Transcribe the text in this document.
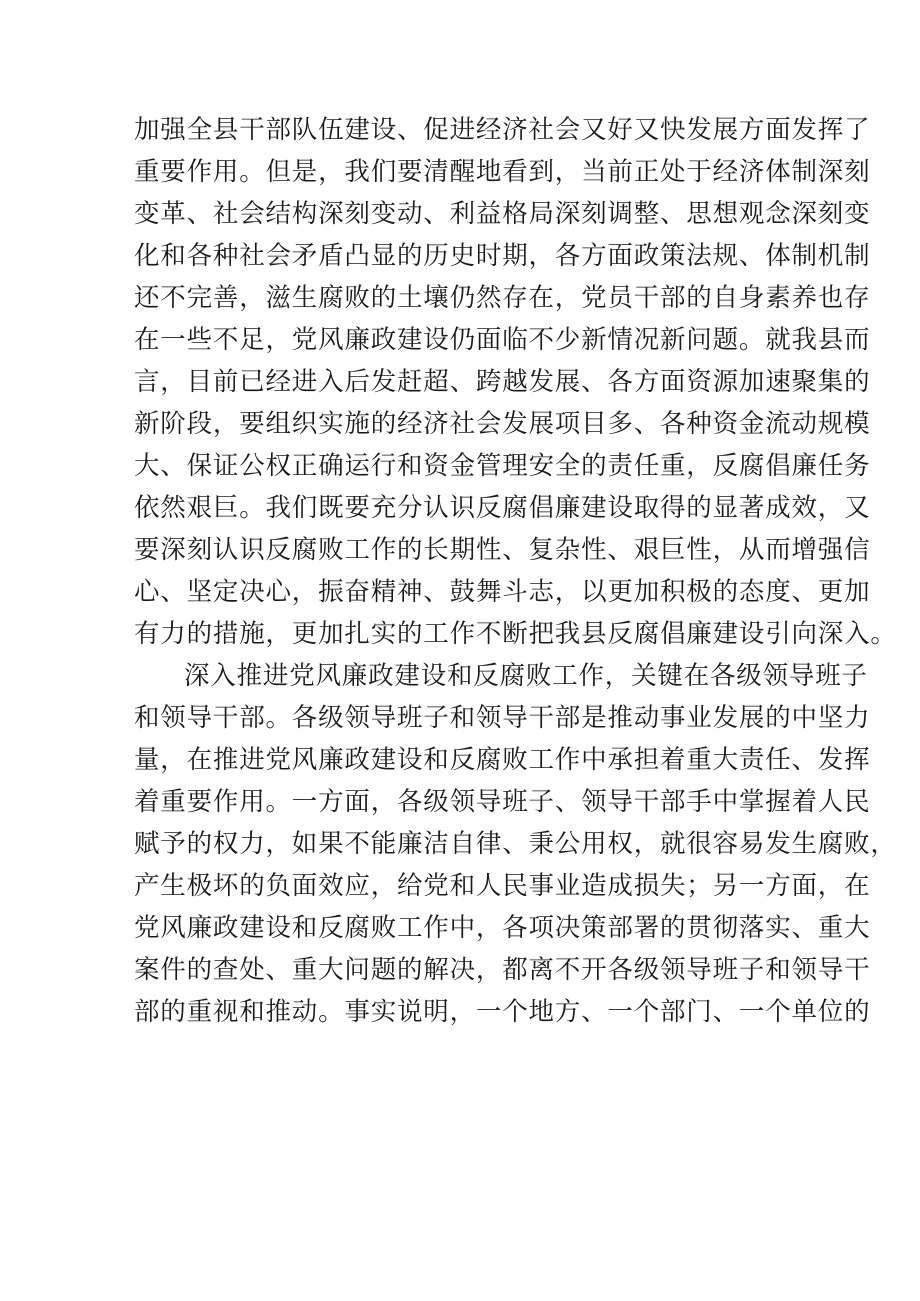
加强全县干部队伍建设、促进经济社会又好又快发展方面发挥了
重要作用。但是，我们要清醒地看到，当前正处于经济体制深刻
变革、社会结构深刻变动、利益格局深刻调整、思想观念深刻变
化和各种社会矛盾凸显的历史时期，各方面政策法规、体制机制
还不完善，滋生腐败的土壤仍然存在，党员干部的自身素养也存
在一些不足，党风廉政建设仍面临不少新情况新问题。就我县而
言，目前已经进入后发赶超、跨越发展、各方面资源加速聚集的
新阶段，要组织实施的经济社会发展项目多、各种资金流动规模
大、保证公权正确运行和资金管理安全的责任重，反腐倡廉任务
依然艰巨。我们既要充分认识反腐倡廉建设取得的显著成效，又
要深刻认识反腐败工作的长期性、复杂性、艰巨性，从而增强信
心、坚定决心，振奋精神、鼓舞斗志，以更加积极的态度、更加
有力的措施，更加扎实的工作不断把我县反腐倡廉建设引向深入。
深入推进党风廉政建设和反腐败工作，关键在各级领导班子
和领导干部。各级领导班子和领导干部是推动事业发展的中坚力
量，在推进党风廉政建设和反腐败工作中承担着重大责任、发挥
着重要作用。一方面，各级领导班子、领导干部手中掌握着人民
赋予的权力，如果不能廉洁自律、秉公用权，就很容易发生腐败，
产生极坏的负面效应，给党和人民事业造成损失；另一方面，在
党风廉政建设和反腐败工作中，各项决策部署的贯彻落实、重大
案件的查处、重大问题的解决，都离不开各级领导班子和领导干
部的重视和推动。事实说明，一个地方、一个部门、一个单位的
